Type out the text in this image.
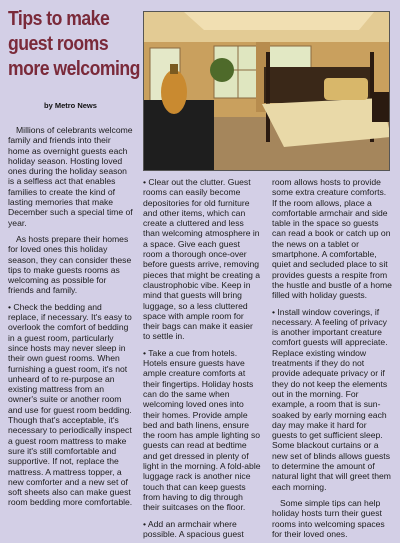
Tips to make
guest rooms
more welcoming
by Metro News

Millions of celebrants welcome family and friends into their home as overnight guests each holiday season. Hosting loved ones during the holiday season is a selfless act that enables families to create the kind of lasting memories that make December such a special time of year.

As hosts prepare their homes for loved ones this holiday season, they can consider these tips to make guests rooms as welcoming as possible for friends and family.

• Check the bedding and replace, if necessary. It's easy to overlook the comfort of bedding in a guest room, particularly since hosts may never sleep in their own guest rooms. When furnishing a guest room, it's not unheard of to re-purpose an existing mattress from an owner's suite or another room and use for guest room bedding. Though that's acceptable, it's necessary to periodically inspect a guest room mattress to make sure it's still comfortable and supportive. If not, replace the mattress. A mattress topper, a new comforter and a new set of soft sheets also can make guest room bedding more comfortable.

• Clear out the clutter. Guest rooms can easily become depositories for old furniture and other items, which can create a cluttered and less than welcoming atmosphere in a space. Give each guest room a thorough once-over before guests arrive, removing pieces that might be creating a claustrophobic vibe. Keep in mind that guests will bring luggage, so a less cluttered space with ample room for their bags can make it easier to settle in.

• Take a cue from hotels. Hotels ensure guests have ample creature comforts at their fingertips. Holiday hosts can do the same when welcoming loved ones into their homes. Provide ample bed and bath linens, ensure the room has ample lighting so guests can read at bedtime and get dressed in plenty of light in the morning. A fold-able luggage rack is another nice touch that can keep guests from having to dig through their suitcases on the floor.

• Add an armchair where possible. A spacious guest

room allows hosts to provide some extra creature comforts. If the room allows, place a comfortable armchair and side table in the space so guests can read a book or catch up on the news on a tablet or smartphone. A comfortable, quiet and secluded place to sit provides guests a respite from the hustle and bustle of a home filled with holiday guests.

• Install window coverings, if necessary. A feeling of privacy is another important creature comfort guests will appreciate. Replace existing window treatments if they do not provide adequate privacy or if they do not keep the elements out in the morning. For example, a room that is sun-soaked by early morning each day may make it hard for guests to get sufficient sleep. Some blackout curtains or a new set of blinds allows guests to determine the amount of natural light that will greet them each morning.

Some simple tips can help holiday hosts turn their guest rooms into welcoming spaces for their loved ones.
